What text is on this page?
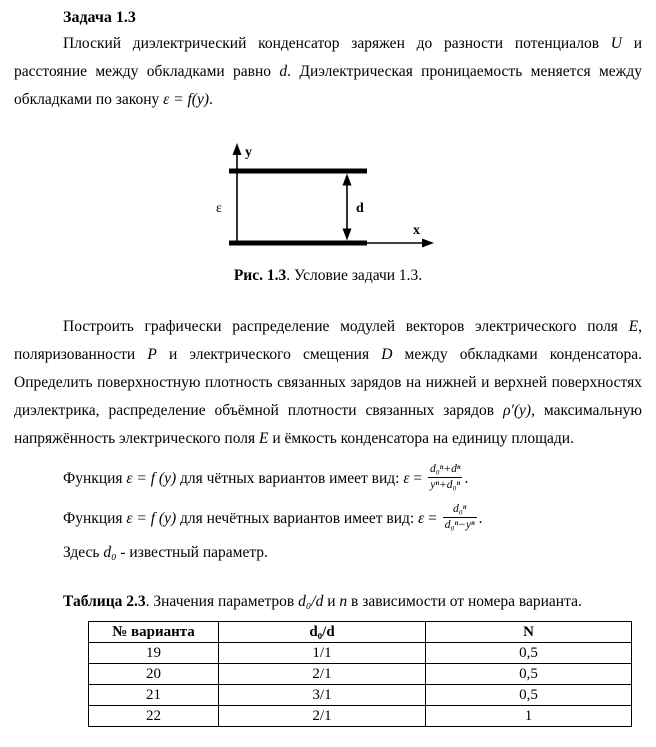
Задача 1.3

Плоский диэлектрический конденсатор заряжен до разности потенциалов U и расстояние между обкладками равно d. Диэлектрическая проницаемость меняется между обкладками по закону ε = f(y).

y
x
ε	d
Рис. 1.3. Условие задачи 1.3.

Построить графически распределение модулей векторов электрического поля E, поляризованности P и электрического смещения D между обкладками конденсатора. Определить поверхностную плотность связанных зарядов на нижней и верхней поверхностях диэлектрика, распределение объёмной плотности связанных зарядов ρ′(y), максимальную напряжённость электрического поля E и ёмкость конденсатора на единицу площади.

Функция ε = f (y) для чётных вариантов имеет вид: $\varepsilon = \frac{\text{d₀ⁿ+dⁿ}}{\text{yⁿ+d₀ⁿ}}$ .
Функция ε = f (y) для нечётных вариантов имеет вид: $\varepsilon = \frac{\text{d₀ⁿ}}{\text{d₀ⁿ−yⁿ}}$ .
Здесь d₀ - известный параметр.
Таблица 2.3. Значения параметров d₀/d и n в зависимости от номера варианта.
№ варианта	d₀/d	N
19	1/1	0,5
20	2/1	0,5
21	3/1	0,5
22	2/1	1
